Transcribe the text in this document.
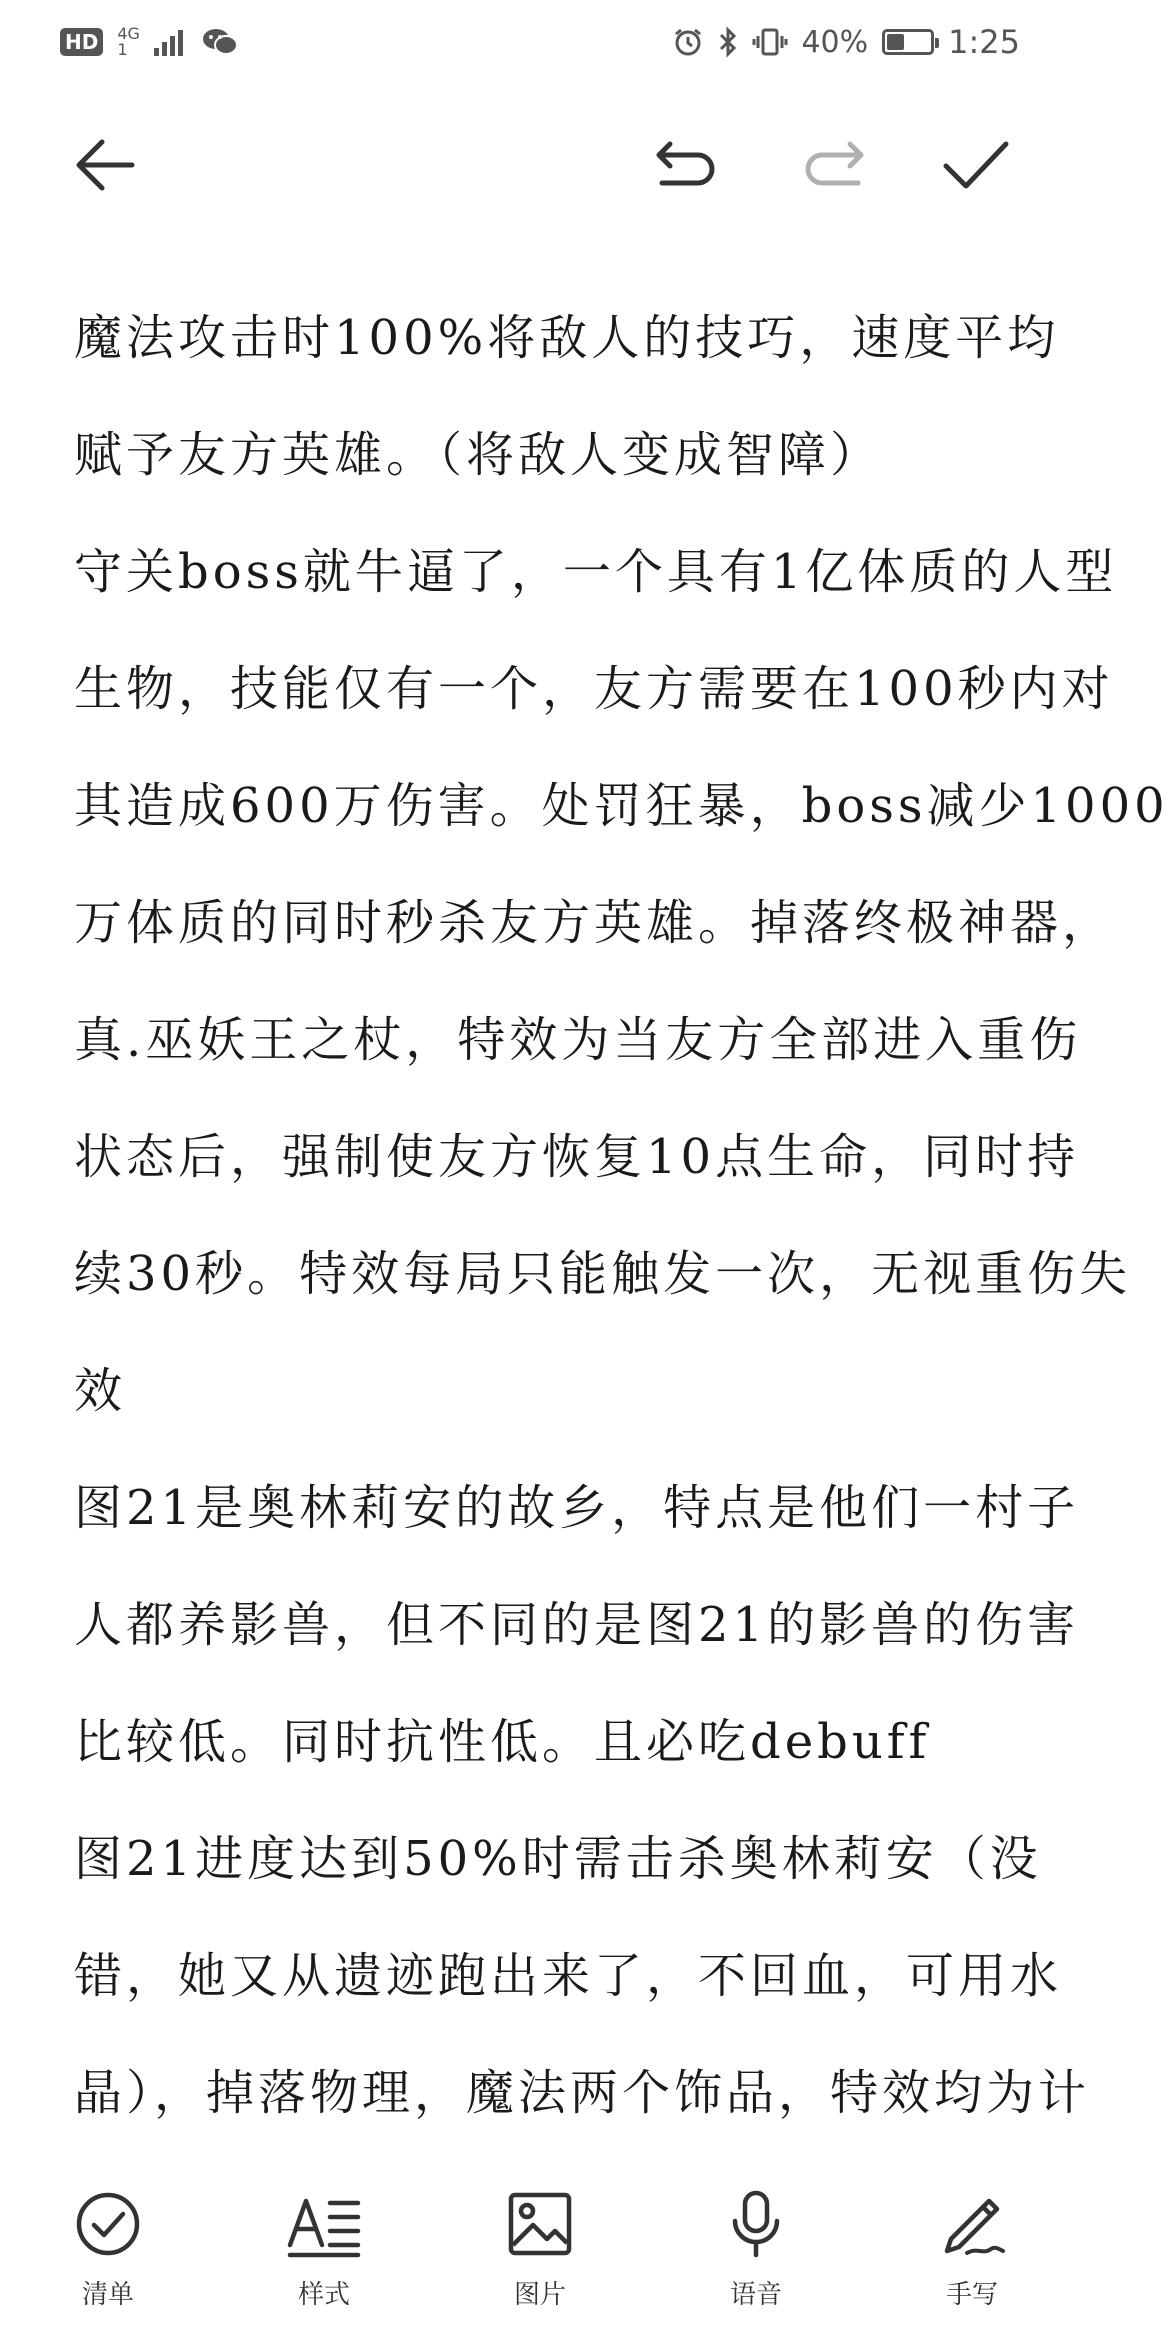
HD	4G
1	40%	1:25
魔法攻击时100%将敌人的技巧，速度平均
赋予友方英雄。（将敌人变成智障）
守关boss就牛逼了，一个具有1亿体质的人型
生物，技能仅有一个，友方需要在100秒内对
其造成600万伤害。处罚狂暴，boss减少1000
万体质的同时秒杀友方英雄。掉落终极神器，
真.巫妖王之杖，特效为当友方全部进入重伤
状态后，强制使友方恢复10点生命，同时持
续30秒。特效每局只能触发一次，无视重伤失
效
图21是奥林莉安的故乡，特点是他们一村子
人都养影兽，但不同的是图21的影兽的伤害
比较低。同时抗性低。且必吃debuff
图21进度达到50%时需击杀奥林莉安（没
错，她又从遗迹跑出来了，不回血，可用水
晶），掉落物理，魔法两个饰品，特效均为计
清单	样式	图片	语音	手写
